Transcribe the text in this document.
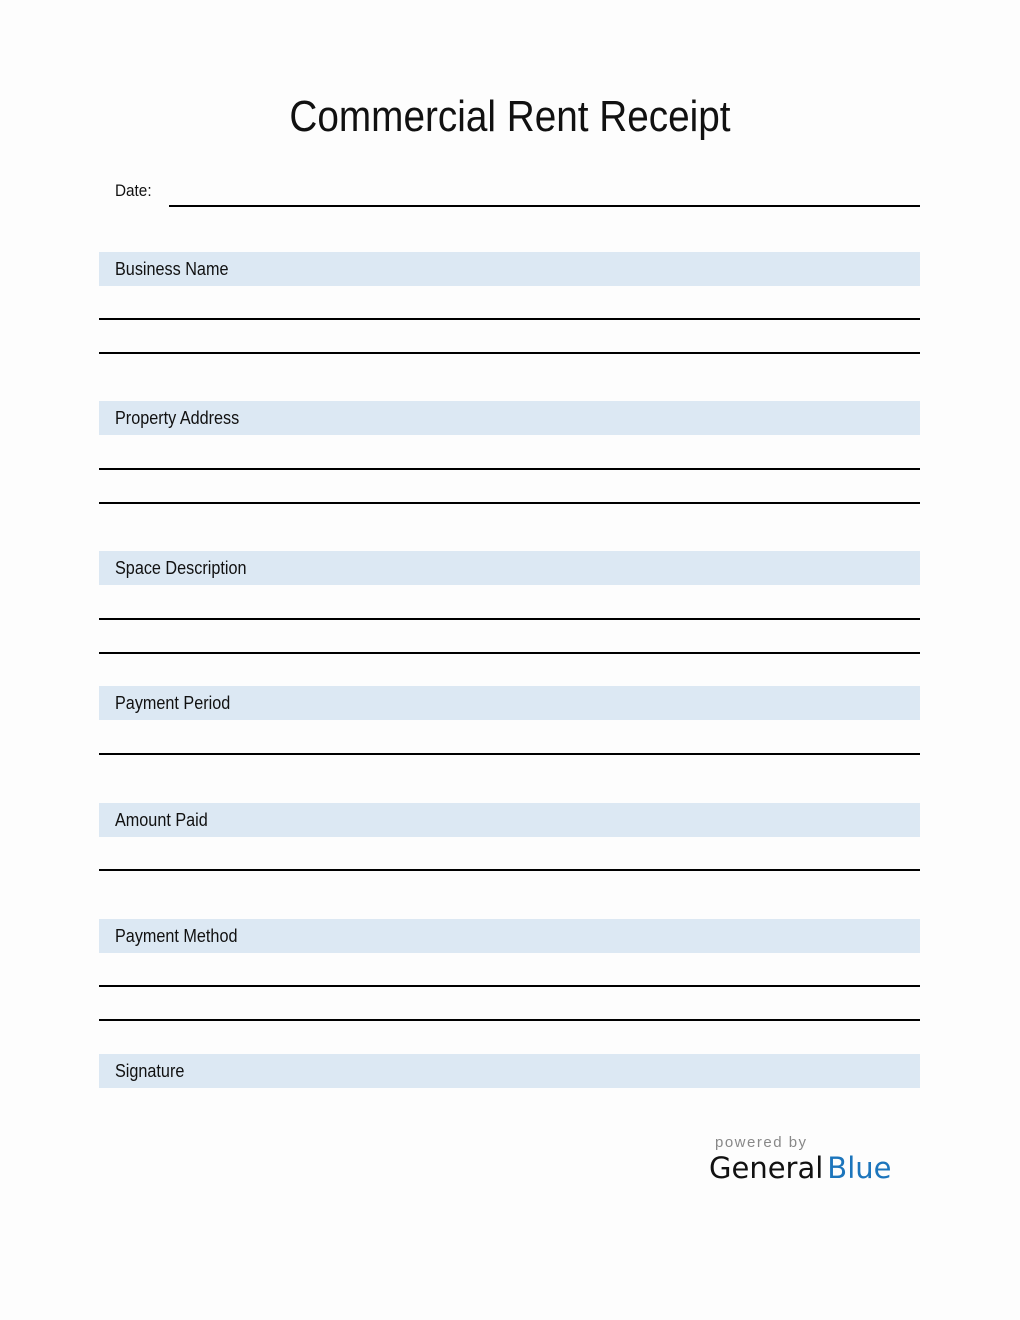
Commercial Rent Receipt
Date:
Business Name
Property Address
Space Description
Payment Period
Amount Paid
Payment Method
Signature
powered by
General Blue
